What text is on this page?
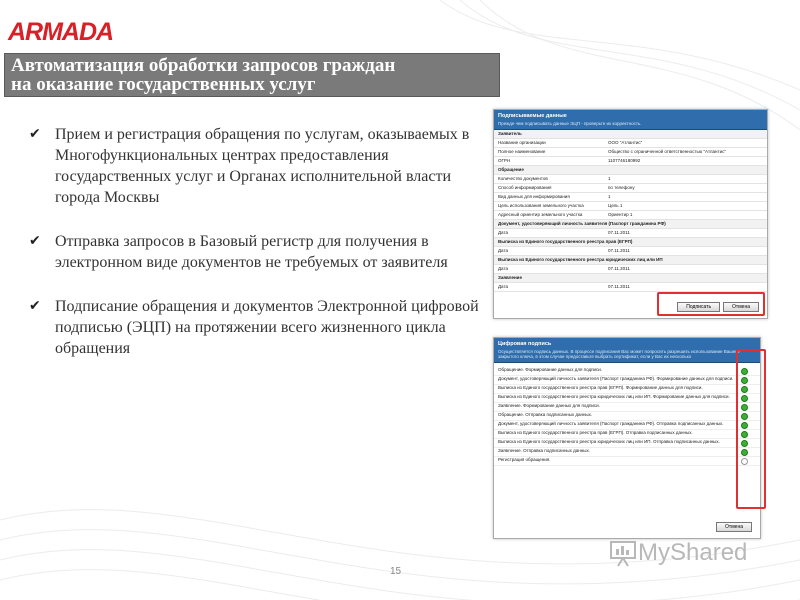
ARMADA
Автоматизация обработки запросов граждан
на оказание государственных услуг
✔ Прием и регистрация обращения по услугам, оказываемых в Многофункциональных центрах предоставления государственных услуг и Органах исполнительной власти города Москвы
✔ Отправка запросов в Базовый регистр для получения в электронном виде документов не требуемых от заявителя
✔ Подписание обращения и документов Электронной цифровой подписью (ЭЦП) на протяжении всего жизненного цикла обращения
Подписываемые данные
Прежде чем подписывать данные ЭЦП - проверьте их корректность.
Заявитель
Название организации	ООО "Атлантис"
Полное наименование	Общество с ограниченной ответственностью "Атлантис"
ОГРН	1107746180992
Обращение
Количество документов	1
Способ информирования	по телефону
Вид данных для информирования	1
Цель использования земельного участка	Цель 1
Адресный ориентир земельного участка	Ориентир 1
Документ, удостоверяющий личность заявителя (Паспорт гражданина РФ)
Дата	07.11.2011
Выписка из Единого государственного реестра прав (ЕГРП)
Дата	07.11.2011
Выписка из Единого государственного реестра юридических лиц или ИП
Дата	07.11.2011
Заявление
Дата	07.11.2011
Подписать	Отмена
Цифровая подпись
Осуществляется подпись данных. В процессе подписания Вас может попросить разрешить использование Вашего закрытого ключа, в этом случае предоставьте выбрать сертификат, если у Вас их несколько
Обращение. Формирование данных для подписи.
Документ, удостоверяющий личность заявителя (Паспорт гражданина РФ). Формирование данных для подписи.
Выписка из Единого государственного реестра прав (ЕГРП). Формирование данных для подписи.
Выписка из Единого государственного реестра юридических лиц или ИП. Формирование данных для подписи.
Заявление. Формирование данных для подписи.
Обращение. Отправка подписанных данных.
Документ, удостоверяющий личность заявителя (Паспорт гражданина РФ). Отправка подписанных данных.
Выписка из Единого государственного реестра прав (ЕГРП). Отправка подписанных данных.
Выписка из Единого государственного реестра юридических лиц или ИП. Отправка подписанных данных.
Заявление. Отправка подписанных данных.
Регистрация обращения.
Отмена
15
MyShared
